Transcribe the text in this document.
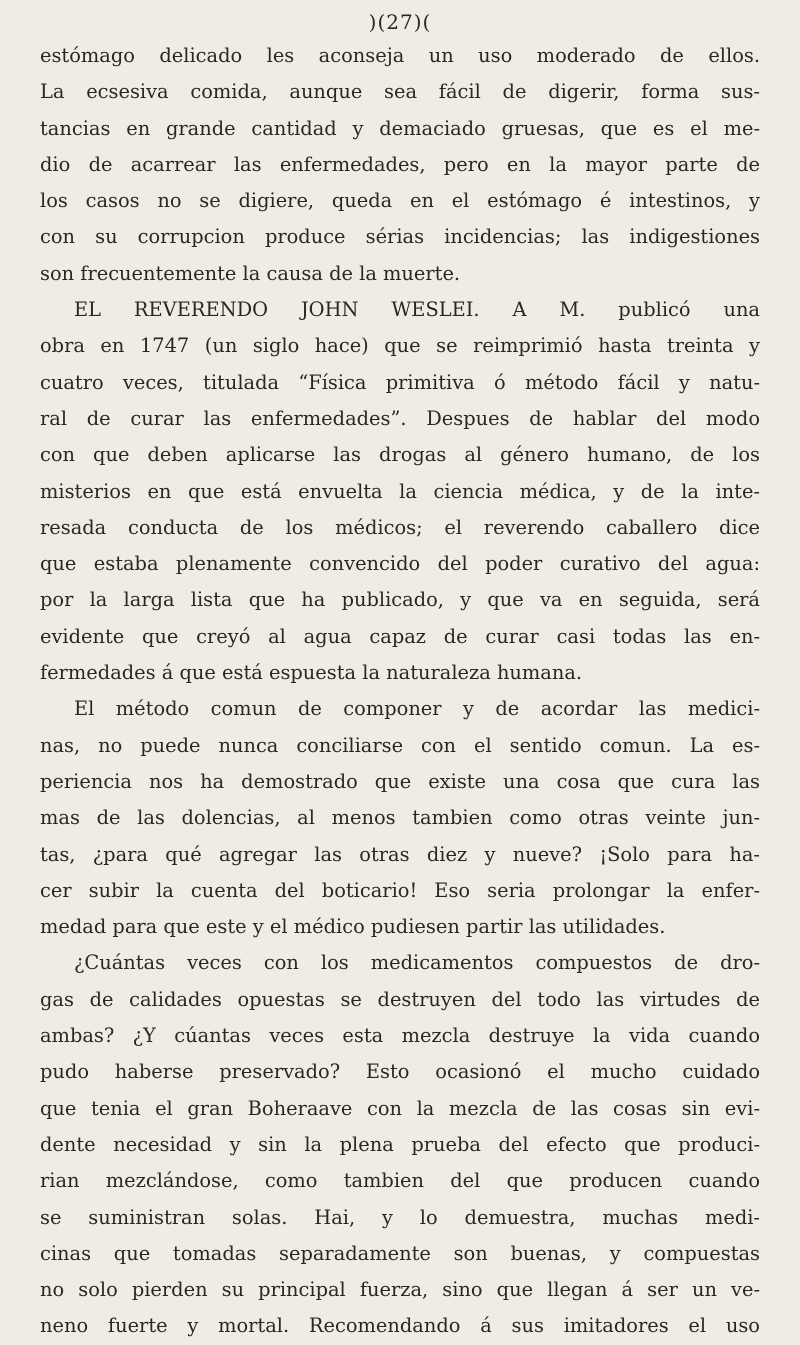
)(27)(
estómago delicado les aconseja un uso moderado de ellos.
La ecsesiva comida, aunque sea fácil de digerir, forma sus-
tancias en grande cantidad y demaciado gruesas, que es el me-
dio de acarrear las enfermedades, pero en la mayor parte de
los casos no se digiere, queda en el estómago é intestinos, y
con su corrupcion produce sérias incidencias; las indigestiones
son frecuentemente la causa de la muerte.
EL REVERENDO JOHN WESLEI. A M. publicó una
obra en 1747 (un siglo hace) que se reimprimió hasta treinta y
cuatro veces, titulada “Física primitiva ó método fácil y natu-
ral de curar las enfermedades”. Despues de hablar del modo
con que deben aplicarse las drogas al género humano, de los
misterios en que está envuelta la ciencia médica, y de la inte-
resada conducta de los médicos; el reverendo caballero dice
que estaba plenamente convencido del poder curativo del agua:
por la larga lista que ha publicado, y que va en seguida, será
evidente que creyó al agua capaz de curar casi todas las en-
fermedades á que está espuesta la naturaleza humana.
El método comun de componer y de acordar las medici-
nas, no puede nunca conciliarse con el sentido comun. La es-
periencia nos ha demostrado que existe una cosa que cura las
mas de las dolencias, al menos tambien como otras veinte jun-
tas, ¿para qué agregar las otras diez y nueve? ¡Solo para ha-
cer subir la cuenta del boticario! Eso seria prolongar la enfer-
medad para que este y el médico pudiesen partir las utilidades.
¿Cuántas veces con los medicamentos compuestos de dro-
gas de calidades opuestas se destruyen del todo las virtudes de
ambas? ¿Y cúantas veces esta mezcla destruye la vida cuando
pudo haberse preservado? Esto ocasionó el mucho cuidado
que tenia el gran Boheraave con la mezcla de las cosas sin evi-
dente necesidad y sin la plena prueba del efecto que produci-
rian mezclándose, como tambien del que producen cuando
se suministran solas. Hai, y lo demuestra, muchas medi-
cinas que tomadas separadamente son buenas, y compuestas
no solo pierden su principal fuerza, sino que llegan á ser un ve-
neno fuerte y mortal. Recomendando á sus imitadores el uso
